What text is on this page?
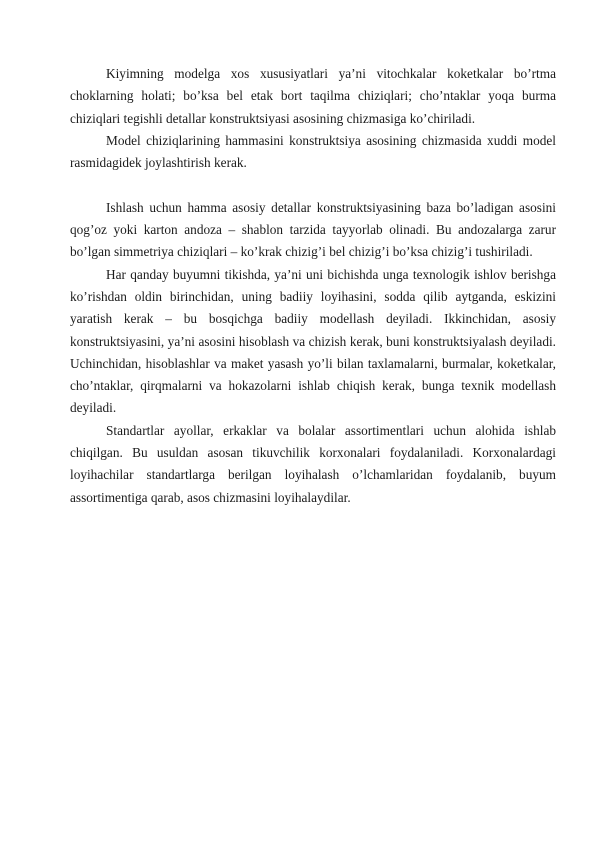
Kiyimning modelga xos xususiyatlari ya’ni vitochkalar koketkalar bo’rtma choklarning holati; bo’ksa bel etak bort taqilma chiziqlari; cho’ntaklar yoqa burma chiziqlari tegishli detallar konstruktsiyasi asosining chizmasiga ko’chiriladi.

Model chiziqlarining hammasini konstruktsiya asosining chizmasida xuddi model rasmidagidek joylashtirish kerak.

Ishlash uchun hamma asosiy detallar konstruktsiyasining baza bo’ladigan asosini qog’oz yoki karton andoza – shablon tarzida tayyorlab olinadi. Bu andozalarga zarur bo’lgan simmetriya chiziqlari – ko’krak chizig’i bel chizig’i bo’ksa chizig’i tushiriladi.

Har qanday buyumni tikishda, ya’ni uni bichishda unga texnologik ishlov berishga ko’rishdan oldin birinchidan, uning badiiy loyihasini, sodda qilib aytganda, eskizini yaratish kerak – bu bosqichga badiiy modellash deyiladi. Ikkinchidan, asosiy konstruktsiyasini, ya’ni asosini hisoblash va chizish kerak, buni konstruktsiyalash deyiladi. Uchinchidan, hisoblashlar va maket yasash yo’li bilan taxlamalarni, burmalar, koketkalar, cho’ntaklar, qirqmalarni va hokazolarni ishlab chiqish kerak, bunga texnik modellash deyiladi.

Standartlar ayollar, erkaklar va bolalar assortimentlari uchun alohida ishlab chiqilgan. Bu usuldan asosan tikuvchilik korxonalari foydalaniladi. Korxonalardagi loyihachilar standartlarga berilgan loyihalash o’lchamlaridan foydalanib, buyum assortimentiga qarab, asos chizmasini loyihalaydilar.
